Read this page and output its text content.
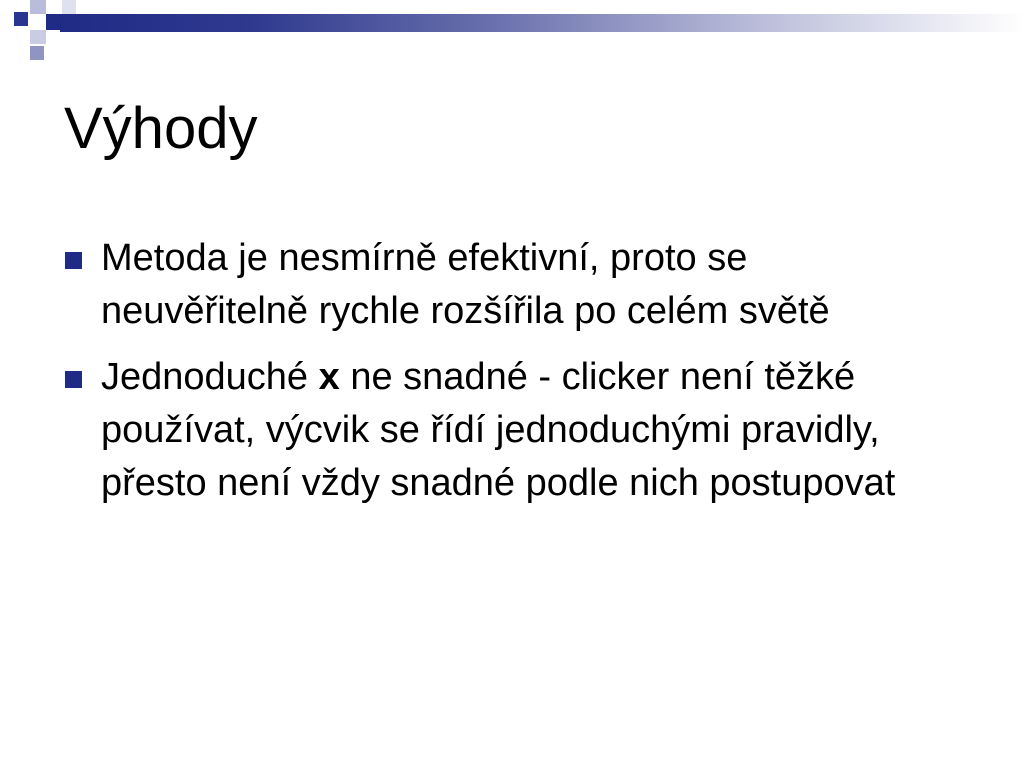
Výhody
Metoda je nesmírně efektivní, proto se neuvěřitelně rychle rozšířila po celém světě
Jednoduché x ne snadné - clicker není těžké používat, výcvik se řídí jednoduchými pravidly, přesto není vždy snadné podle nich postupovat
